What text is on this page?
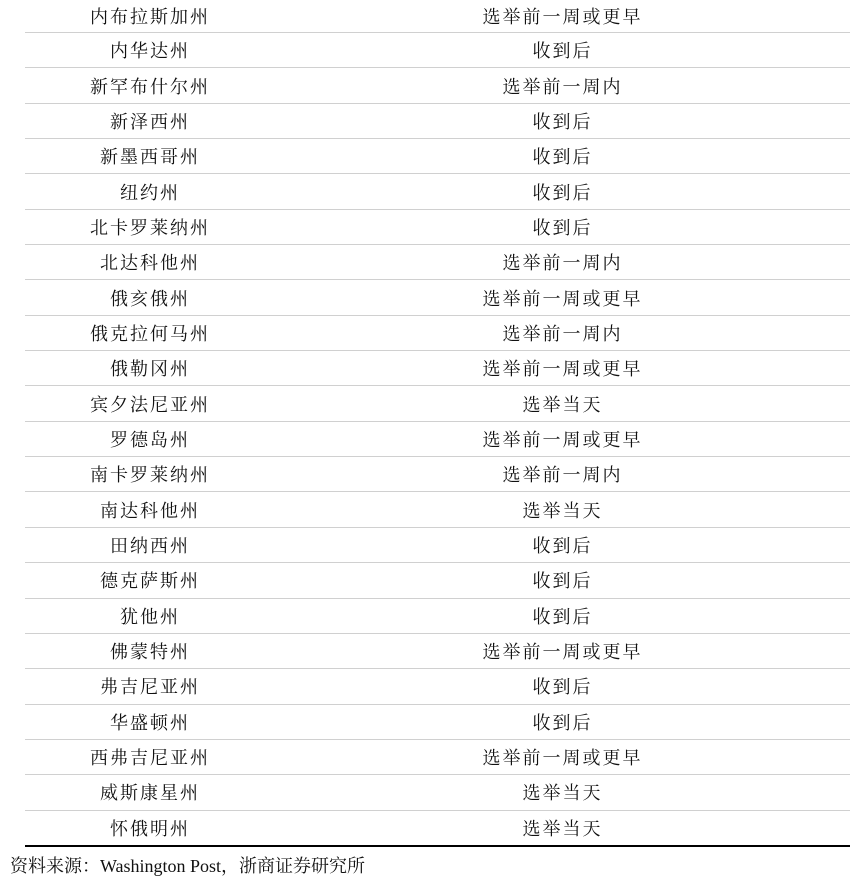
内布拉斯加州	选举前一周或更早
内华达州	收到后
新罕布什尔州	选举前一周内
新泽西州	收到后
新墨西哥州	收到后
纽约州	收到后
北卡罗莱纳州	收到后
北达科他州	选举前一周内
俄亥俄州	选举前一周或更早
俄克拉何马州	选举前一周内
俄勒冈州	选举前一周或更早
宾夕法尼亚州	选举当天
罗德岛州	选举前一周或更早
南卡罗莱纳州	选举前一周内
南达科他州	选举当天
田纳西州	收到后
德克萨斯州	收到后
犹他州	收到后
佛蒙特州	选举前一周或更早
弗吉尼亚州	收到后
华盛顿州	收到后
西弗吉尼亚州	选举前一周或更早
威斯康星州	选举当天
怀俄明州	选举当天
资料来源：Washington Post，浙商证券研究所
